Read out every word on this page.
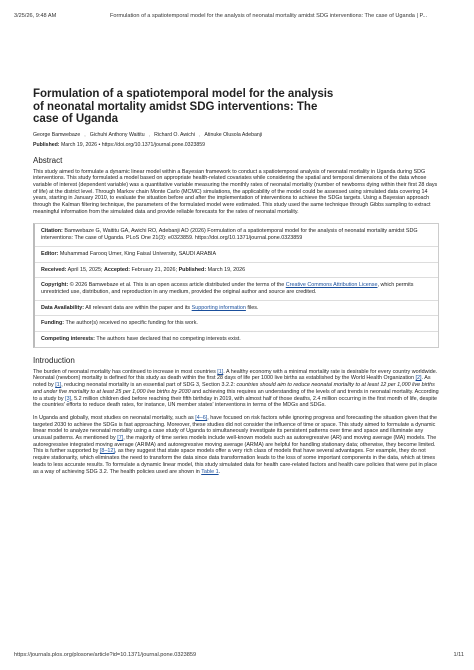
3/25/26, 9:48 AM	Formulation of a spatiotemporal model for the analysis of neonatal mortality amidst SDG interventions: The case of Uganda | P...
Formulation of a spatiotemporal model for the analysis of neonatal mortality amidst SDG interventions: The case of Uganda
George Bamwebaze , Gichuhi Anthony Waititu , Richard O. Awichi , Atinuke Olusola Adebanji
Published: March 19, 2026 • https://doi.org/10.1371/journal.pone.0323859
Abstract
This study aimed to formulate a dynamic linear model within a Bayesian framework to conduct a spatiotemporal analysis of neonatal mortality in Uganda during SDG interventions. This study formulated a model based on appropriate health-related covariates while considering the spatial and temporal dimensions of the data whose variable of interest (dependent variable) was a quantitative variable measuring the monthly rates of neonatal mortality (number of newborns dying within their first 28 days of life) at the district level. Through Markov chain Monte Carlo (MCMC) simulations, the applicability of the model could be assessed using simulated data covering 14 years, starting in January 2010, to evaluate the situation before and after the implementation of interventions to achieve the SDGs targets. Using a Bayesian approach through the Kalman filtering technique, the parameters of the formulated model were estimated. This study used the same technique through Gibbs sampling to extract meaningful information from the simulated data and provide reliable forecasts for the rates of neonatal mortality.
Citation: Bamwebaze G, Waititu GA, Awichi RO, Adebanji AO (2026) Formulation of a spatiotemporal model for the analysis of neonatal mortality amidst SDG interventions: The case of Uganda. PLoS One 21(3): e0323859. https://doi.org/10.1371/journal.pone.0323859
Editor: Muhammad Farooq Umer, King Faisal University, SAUDI ARABIA
Received: April 15, 2025; Accepted: February 21, 2026; Published: March 19, 2026
Copyright: © 2026 Bamwebaze et al. This is an open access article distributed under the terms of the Creative Commons Attribution License, which permits unrestricted use, distribution, and reproduction in any medium, provided the original author and source are credited.
Data Availability: All relevant data are within the paper and its Supporting information files.
Funding: The author(s) received no specific funding for this work.
Competing interests: The authors have declared that no competing interests exist.
Introduction
The burden of neonatal mortality has continued to increase in most countries [1]. A healthy economy with a minimal mortality rate is desirable for every country worldwide. Neonatal (newborn) mortality is defined for this study as death within the first 28 days of life per 1000 live births as established by the World Health Organization [2]. As noted by [1], reducing neonatal mortality is an essential part of SDG 3, Section 3.2.2: countries should aim to reduce neonatal mortality to at least 12 per 1,000 live births and under five mortality to at least 25 per 1,000 live births by 2030 and achieving this requires an understanding of the levels of and trends in neonatal mortality. According to a study by [3], 5.2 million children died before reaching their fifth birthday in 2019, with almost half of those deaths, 2.4 million occurring in the first month of life, despite the countries' efforts to reduce death rates, for instance, UN member states' interventions in terms of the MDGs and SDGs.
In Uganda and globally, most studies on neonatal mortality, such as [4–6], have focused on risk factors while ignoring progress and forecasting the situation given that the targeted 2030 to achieve the SDGs is fast approaching. Moreover, these studies did not consider the influence of time or space. This study aimed to formulate a dynamic linear model to analyze neonatal mortality using a case study of Uganda to simultaneously investigate its persistent patterns over time and space and illuminate any unusual patterns. As mentioned by [7], the majority of time series models include well-known models such as autoregressive (AR) and moving average (MA) models. The autoregressive integrated moving average (ARIMA) and autoregressive moving average (ARMA) are helpful for handling stationary data; otherwise, they become limited. This is further supported by [8–12], as they suggest that state space models offer a very rich class of models that have several advantages. For example, they do not require stationarity, which eliminates the need to transform the data since data transformation leads to the loss of some important components in the data, which at times leads to less accurate results. To formulate a dynamic linear model, this study simulated data for health care-related factors and health care policies that were put in place as a way of achieving SDG 3.2. The health policies used are shown in Table 1.
https://journals.plos.org/plosone/article?id=10.1371/journal.pone.0323859	1/11
